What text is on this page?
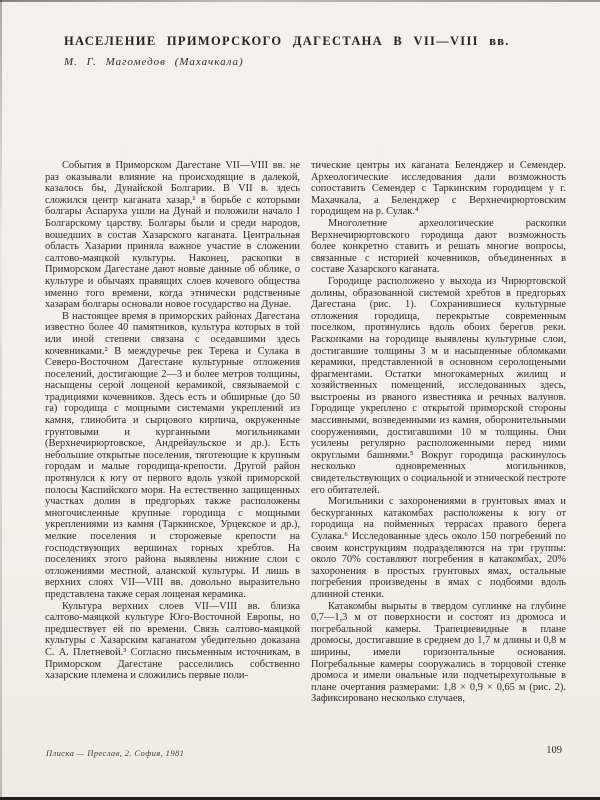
НАСЕЛЕНИЕ ПРИМОРСКОГО ДАГЕСТАНА В VII—VIII вв.
М. Г. Магомедов (Махачкала)

События в Приморском Дагестане VII—VIII вв. не раз оказывали влияние на происходящие в далекой, казалось бы, Дунайской Болгарии. В VII в. здесь сложился центр каганата хазар,¹ в борьбе с которыми болгары Аспаруха ушли на Дунай и положили начало I Болгарскому царству. Болгары были и среди народов, вошедших в состав Хазарского каганата. Центральная область Хазарии приняла важное участие в сложении салтово-маяцкой культуры. Наконец, раскопки в Приморском Дагестане дают новые данные об облике, о культуре и обычаях правящих слоев кочевого общества именно того времени, когда этнически родственные хазарам болгары основали новое государство на Дунае.

В настоящее время в приморских районах Дагестана известно более 40 памятников, культура которых в той или иной степени связана с оседавшими здесь кочевниками.² В междуречье рек Терека и Сулака в Северо-Восточном Дагестане культурные отложения поселений, достигающие 2—3 и более метров толщины, насыщены серой лощеной керамикой, связываемой с традициями кочевников. Здесь есть и обширные (до 50 га) городища с мощными системами укреплений из камня, глинобита и сырцового кирпича, окруженные грунтовыми и курганными могильниками (Верхнечирюртовское, Андрейаульское и др.). Есть небольшие открытые поселения, тяготеющие к крупным городам и малые городища-крепости. Другой район протянулся к югу от первого вдоль узкой приморской полосы Каспийского моря. На естественно защищенных участках долин в предгорьях также расположены многочисленные крупные городища с мощными укреплениями из камня (Таркинское, Урцекское и др.), мелкие поселения и сторожевые крепости на господствующих вершинах горных хребтов. На поселениях этого района выявлены нижние слои с отложениями местной, аланской культуры. И лишь в верхних слоях VII—VIII вв. довольно выразительно представлена также серая лощеная керамика.

Культура верхних слоев VII—VIII вв. близка салтово-маяцкой культуре Юго-Восточной Европы, но предшествует ей по времени. Связь салтово-маяцкой культуры с Хазарским каганатом убедительно доказана С. А. Плетневой.³ Согласно письменным источникам, в Приморском Дагестане расселились собственно хазарские племена и сложились первые поли-

тические центры их каганата Беленджер и Семендер. Археологические исследования дали возможность сопоставить Семендер с Таркинским городищем у г. Махачкала, а Беленджер с Верхнечирюртовским городищем на р. Сулак.⁴

Многолетние археологические раскопки Верхнечирюртовского городища дают возможность более конкретно ставить и решать многие вопросы, связанные с историей кочевников, объединенных в составе Хазарского каганата.

Городище расположено у выхода из Чирюртовской долины, образованной системой хребтов в предгорьях Дагестана (рис. 1). Сохранившиеся культурные отложения городища, перекрытые современным поселком, протянулись вдоль обоих берегов реки. Раскопками на городище выявлены культурные слои, достигавшие толщины 3 м и насыщенные обломками керамики, представленной в основном серолощеными фрагментами. Остатки многокамерных жилищ и хозяйственных помещений, исследованных здесь, выстроены из рваного известняка и речных валунов. Городище укреплено с открытой приморской стороны массивными, возведенными из камня, оборонительными сооружениями, достигавшими 10 м толщины. Они усилены регулярно расположенными перед ними округлыми башнями.⁵ Вокруг городища раскинулось несколько одновременных могильников, свидетельствующих о социальной и этнической пестроте его обитателей.

Могильники с захоронениями в грунтовых ямах и бескурганных катакомбах расположены к югу от городища на пойменных террасах правого берега Сулака.⁶ Исследованные здесь около 150 погребений по своим конструкциям подразделяются на три группы: около 70% составляют погребения в катакомбах, 20% захоронения в простых грунтовых ямах, остальные погребения произведены в ямах с подбоями вдоль длинной стенки.

Катакомбы вырыты в твердом суглинке на глубине 0,7—1,3 м от поверхности и состоят из дромоса и погребальной камеры. Трапециевидные в плане дромосы, достигавшие в среднем до 1,7 м длины и 0,8 м ширины, имели горизонтальные основания. Погребальные камеры сооружались в торцовой стенке дромоса и имели овальные или подчетырехугольные в плане очертания размерами: 1,8 × 0,9 × 0,65 м (рис. 2). Зафиксировано несколько случаев,

Плиска — Преслав, 2. София, 1981	109
